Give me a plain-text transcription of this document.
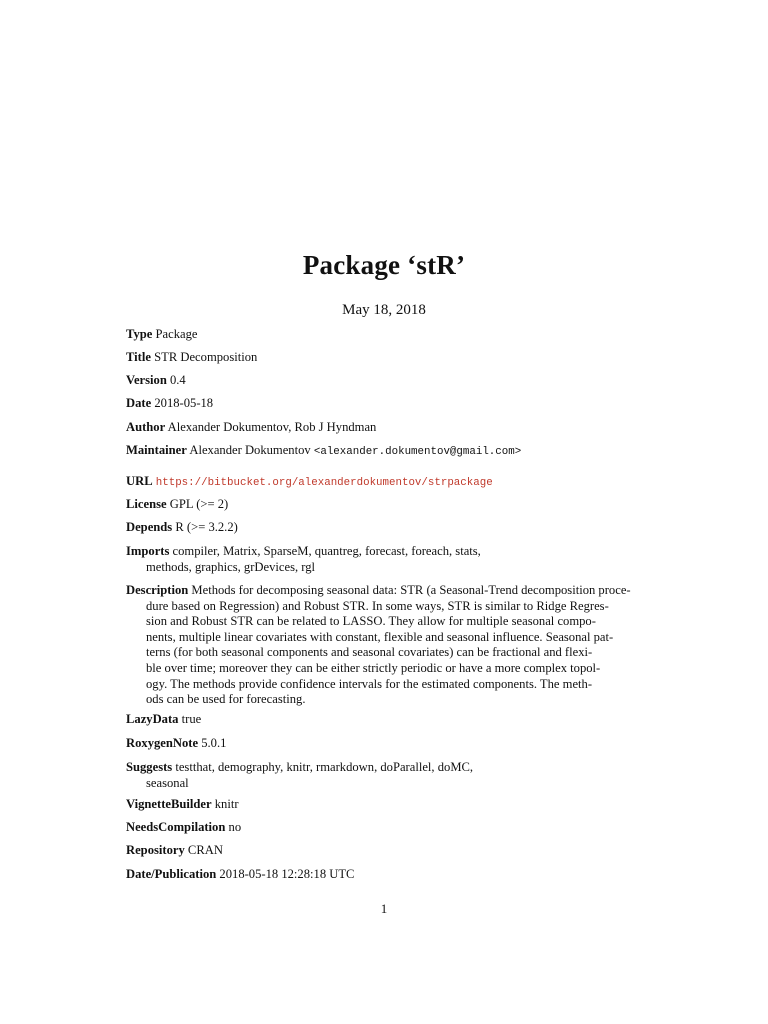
Package ‘stR’
May 18, 2018
Type Package
Title STR Decomposition
Version 0.4
Date 2018-05-18
Author Alexander Dokumentov, Rob J Hyndman
Maintainer Alexander Dokumentov <alexander.dokumentov@gmail.com>
URL https://bitbucket.org/alexanderdokumentov/strpackage
License GPL (>= 2)
Depends R (>= 3.2.2)
Imports compiler, Matrix, SparseM, quantreg, forecast, foreach, stats,
methods, graphics, grDevices, rgl
Description Methods for decomposing seasonal data: STR (a Seasonal-Trend decomposition proce-
dure based on Regression) and Robust STR. In some ways, STR is similar to Ridge Regres-
sion and Robust STR can be related to LASSO. They allow for multiple seasonal compo-
nents, multiple linear covariates with constant, flexible and seasonal influence. Seasonal pat-
terns (for both seasonal components and seasonal covariates) can be fractional and flexi-
ble over time; moreover they can be either strictly periodic or have a more complex topol-
ogy. The methods provide confidence intervals for the estimated components. The meth-
ods can be used for forecasting.
LazyData true
RoxygenNote 5.0.1
Suggests testthat, demography, knitr, rmarkdown, doParallel, doMC,
seasonal
VignetteBuilder knitr
NeedsCompilation no
Repository CRAN
Date/Publication 2018-05-18 12:28:18 UTC
1
